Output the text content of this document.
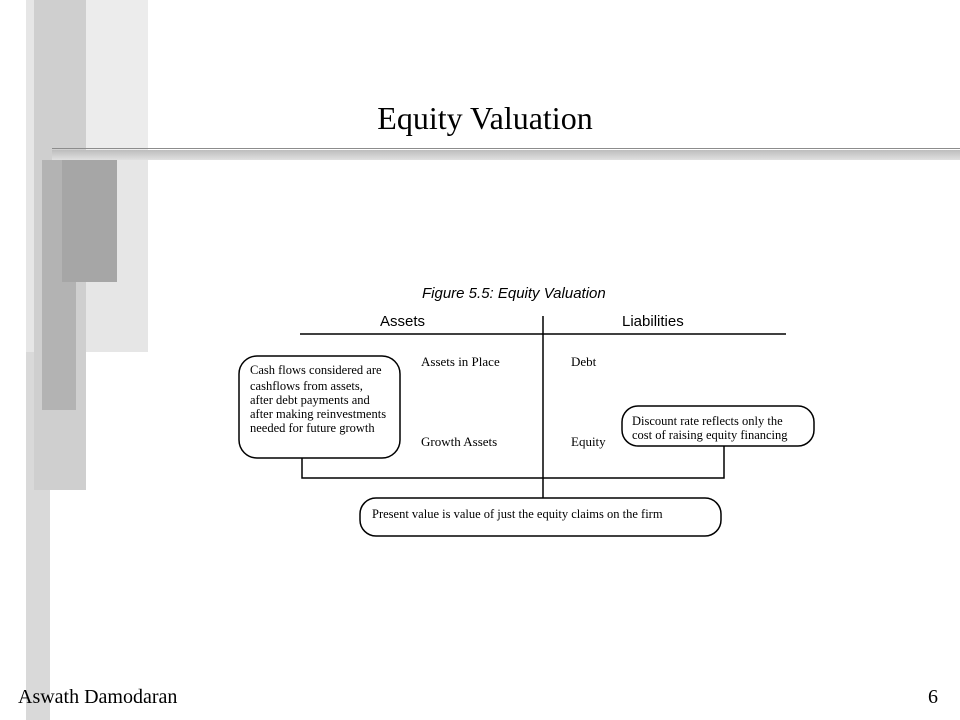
Equity Valuation
Figure 5.5: Equity Valuation
Assets	Liabilities
Assets in Place
Growth Assets
Debt
Equity
Cash flows considered are cashflows from assets, after debt payments and after making reinvestments needed for future growth	Discount rate reflects only the cost of raising equity financing
Present value is value of just the equity claims on the firm
Aswath Damodaran	6
